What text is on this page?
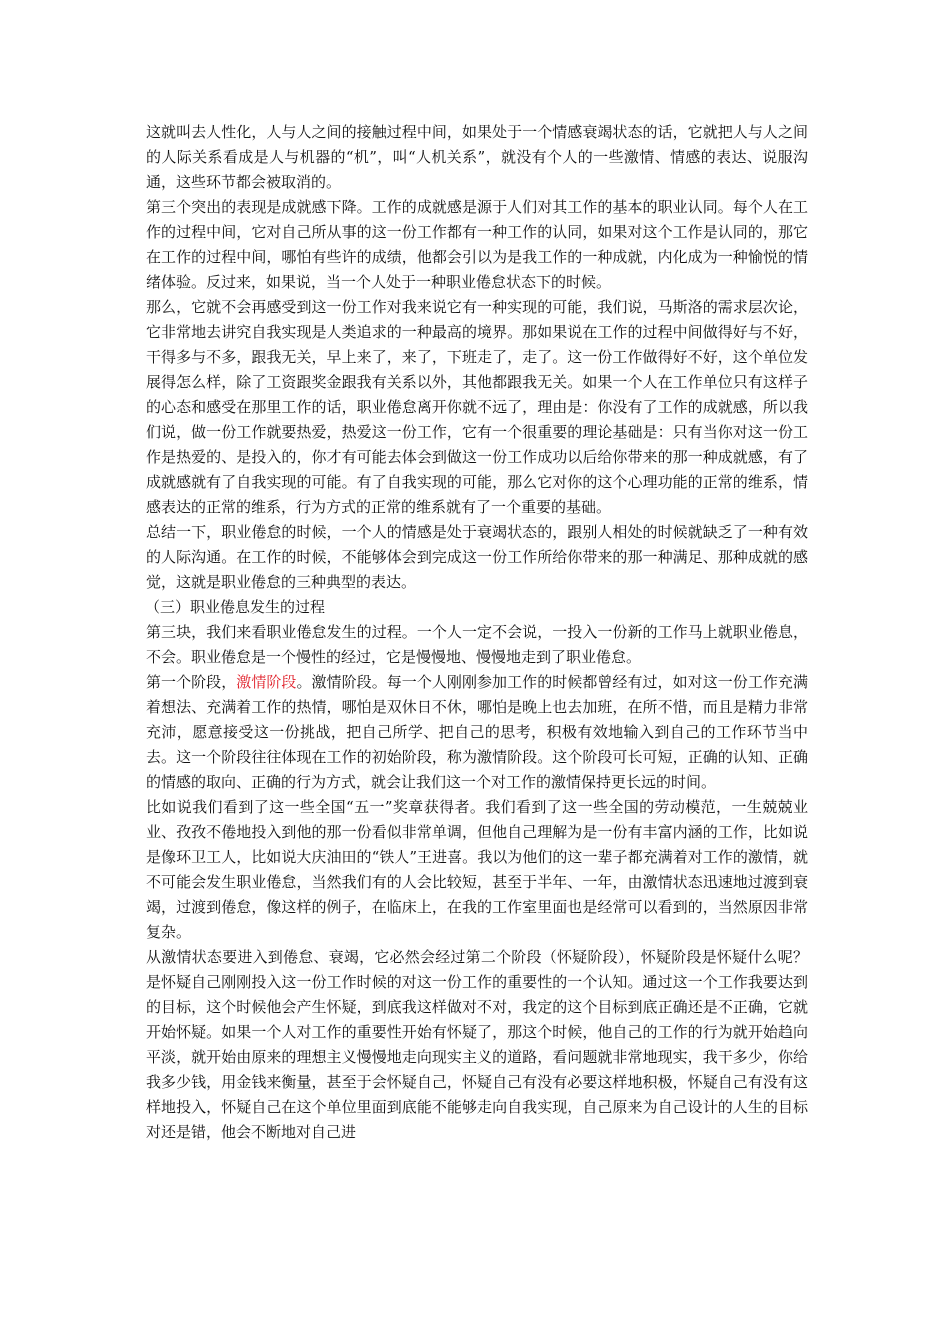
这就叫去人性化，人与人之间的接触过程中间，如果处于一个情感衰竭状态的话，它就把人与人之间的人际关系看成是人与机器的“机”，叫“人机关系”，就没有个人的一些激情、情感的表达、说服沟通，这些环节都会被取消的。

第三个突出的表现是成就感下降。工作的成就感是源于人们对其工作的基本的职业认同。每个人在工作的过程中间，它对自己所从事的这一份工作都有一种工作的认同，如果对这个工作是认同的，那它在工作的过程中间，哪怕有些许的成绩，他都会引以为是我工作的一种成就，内化成为一种愉悦的情绪体验。反过来，如果说，当一个人处于一种职业倦怠状态下的时候。

那么，它就不会再感受到这一份工作对我来说它有一种实现的可能，我们说，马斯洛的需求层次论，它非常地去讲究自我实现是人类追求的一种最高的境界。那如果说在工作的过程中间做得好与不好，干得多与不多，跟我无关，早上来了，来了，下班走了，走了。这一份工作做得好不好，这个单位发展得怎么样，除了工资跟奖金跟我有关系以外，其他都跟我无关。如果一个人在工作单位只有这样子的心态和感受在那里工作的话，职业倦怠离开你就不远了，理由是：你没有了工作的成就感，所以我们说，做一份工作就要热爱，热爱这一份工作，它有一个很重要的理论基础是：只有当你对这一份工作是热爱的、是投入的，你才有可能去体会到做这一份工作成功以后给你带来的那一种成就感，有了成就感就有了自我实现的可能。有了自我实现的可能，那么它对你的这个心理功能的正常的维系，情感表达的正常的维系，行为方式的正常的维系就有了一个重要的基础。

总结一下，职业倦怠的时候，一个人的情感是处于衰竭状态的，跟别人相处的时候就缺乏了一种有效的人际沟通。在工作的时候，不能够体会到完成这一份工作所给你带来的那一种满足、那种成就的感觉，这就是职业倦怠的三种典型的表达。

（三）职业倦息发生的过程

第三块，我们来看职业倦怠发生的过程。一个人一定不会说，一投入一份新的工作马上就职业倦息，不会。职业倦怠是一个慢性的经过，它是慢慢地、慢慢地走到了职业倦怠。

第一个阶段，激情阶段。激情阶段。每一个人刚刚参加工作的时候都曾经有过，如对这一份工作充满着想法、充满着工作的热情，哪怕是双休日不休，哪怕是晚上也去加班，在所不惜，而且是精力非常充沛，愿意接受这一份挑战，把自己所学、把自己的思考，积极有效地输入到自己的工作环节当中去。这一个阶段往往体现在工作的初始阶段，称为激情阶段。这个阶段可长可短，正确的认知、正确的情感的取向、正确的行为方式，就会让我们这一个对工作的激情保持更长远的时间。

比如说我们看到了这一些全国“五一”奖章获得者。我们看到了这一些全国的劳动模范，一生兢兢业业、孜孜不倦地投入到他的那一份看似非常单调，但他自己理解为是一份有丰富内涵的工作，比如说是像环卫工人，比如说大庆油田的“铁人”王进喜。我以为他们的这一辈子都充满着对工作的激情，就不可能会发生职业倦怠，当然我们有的人会比较短，甚至于半年、一年，由激情状态迅速地过渡到衰竭，过渡到倦怠，像这样的例子，在临床上，在我的工作室里面也是经常可以看到的，当然原因非常复杂。

从激情状态要进入到倦怠、衰竭，它必然会经过第二个阶段（怀疑阶段），怀疑阶段是怀疑什么呢？是怀疑自己刚刚投入这一份工作时候的对这一份工作的重要性的一个认知。通过这一个工作我要达到的目标，这个时候他会产生怀疑，到底我这样做对不对，我定的这个目标到底正确还是不正确，它就开始怀疑。如果一个人对工作的重要性开始有怀疑了，那这个时候，他自己的工作的行为就开始趋向平淡，就开始由原来的理想主义慢慢地走向现实主义的道路，看问题就非常地现实，我干多少，你给我多少钱，用金钱来衡量，甚至于会怀疑自己，怀疑自己有没有必要这样地积极，怀疑自己有没有这样地投入，怀疑自己在这个单位里面到底能不能够走向自我实现，自己原来为自己设计的人生的目标对还是错，他会不断地对自己进
